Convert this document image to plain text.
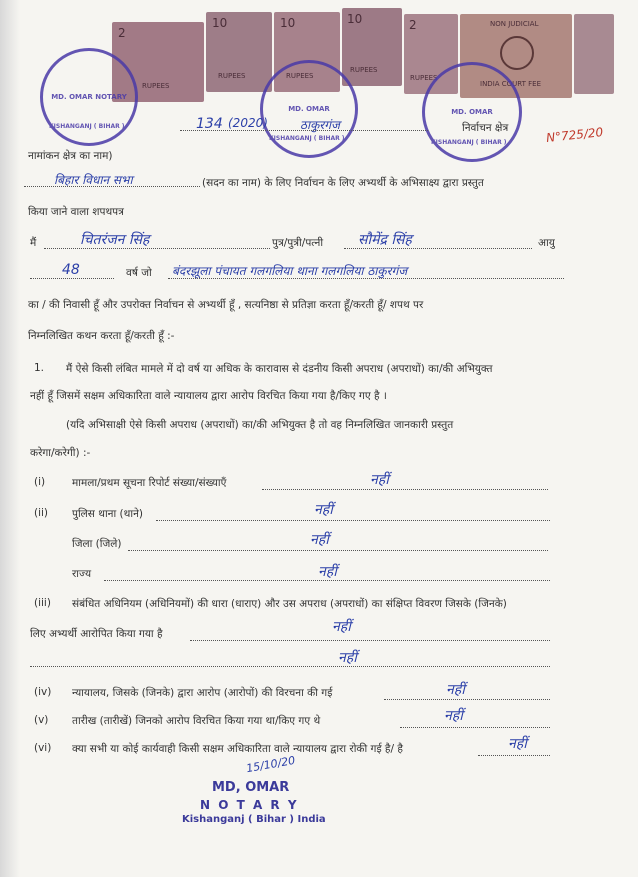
2
RUPEES
10
RUPEES
10
RUPEES
10
RUPEES
2
RUPEES
NON JUDICIAL
INDIA COURT FEE
MD. OMAR NOTARY
KISHANGANJ ( BIHAR )
MD. OMAR
KISHANGANJ ( BIHAR )
MD. OMAR
KISHANGANJ ( BIHAR )
134 (2020)	ठाकुरगंज	निर्वाचन क्षेत्र	N°725/20
नामांकन क्षेत्र का नाम)
बिहार विधान सभा	(सदन का नाम) के लिए निर्वाचन के लिए अभ्यर्थी के अभिसाक्ष्य द्वारा प्रस्तुत
किया जाने वाला शपथपत्र
मैं	चितरंजन सिंह	पुत्र/पुत्री/पत्नी सौमेंद्र सिंह	आयु
48	वर्ष जो बंदरझूला पंचायत गलगलिया थाना गलगलिया ठाकुरगंज
का / की निवासी हूँ और उपरोक्त निर्वाचन से अभ्यर्थी हूँ , सत्यनिष्ठा से प्रतिज्ञा करता हूँ/करती हूँ/ शपथ पर
निम्नलिखित कथन करता हूँ/करती हूँ :-
1. मैं ऐसे किसी लंबित मामले में दो वर्ष या अधिक के कारावास से दंडनीय किसी अपराध (अपराधों) का/की अभियुक्त
नहीं हूँ जिसमें सक्षम अधिकारिता वाले न्यायालय द्वारा आरोप विरचित किया गया है/किए गए है ।
(यदि अभिसाक्षी ऐसे किसी अपराध (अपराधों) का/की अभियुक्त है तो वह निम्नलिखित जानकारी प्रस्तुत
करेगा/करेगी) :-
(i)	मामला/प्रथम सूचना रिपोर्ट संख्या/संख्याएँ	नहीं
(ii) पुलिस थाना (थाने)	नहीं
जिला (जिले)	नहीं
राज्य	नहीं
(iii) संबंधित अधिनियम (अधिनियमों) की धारा (धाराए) और उस अपराध (अपराधों) का संक्षिप्त विवरण जिसके (जिनके)
लिए अभ्यर्थी आरोपित किया गया है	नहीं
नहीं
(iv) न्यायालय, जिसके (जिनके) द्वारा आरोप (आरोपों) की विरचना की गई	नहीं
(v) तारीख (तारीखें) जिनको आरोप विरचित किया गया था/किए गए थे	नहीं
(vi) क्या सभी या कोई कार्यवाही किसी सक्षम अधिकारिता वाले न्यायालय द्वारा रोकी गई है/ है	नहीं
15/10/20
MD, OMAR
N O T A R Y
Kishanganj ( Bihar ) India
